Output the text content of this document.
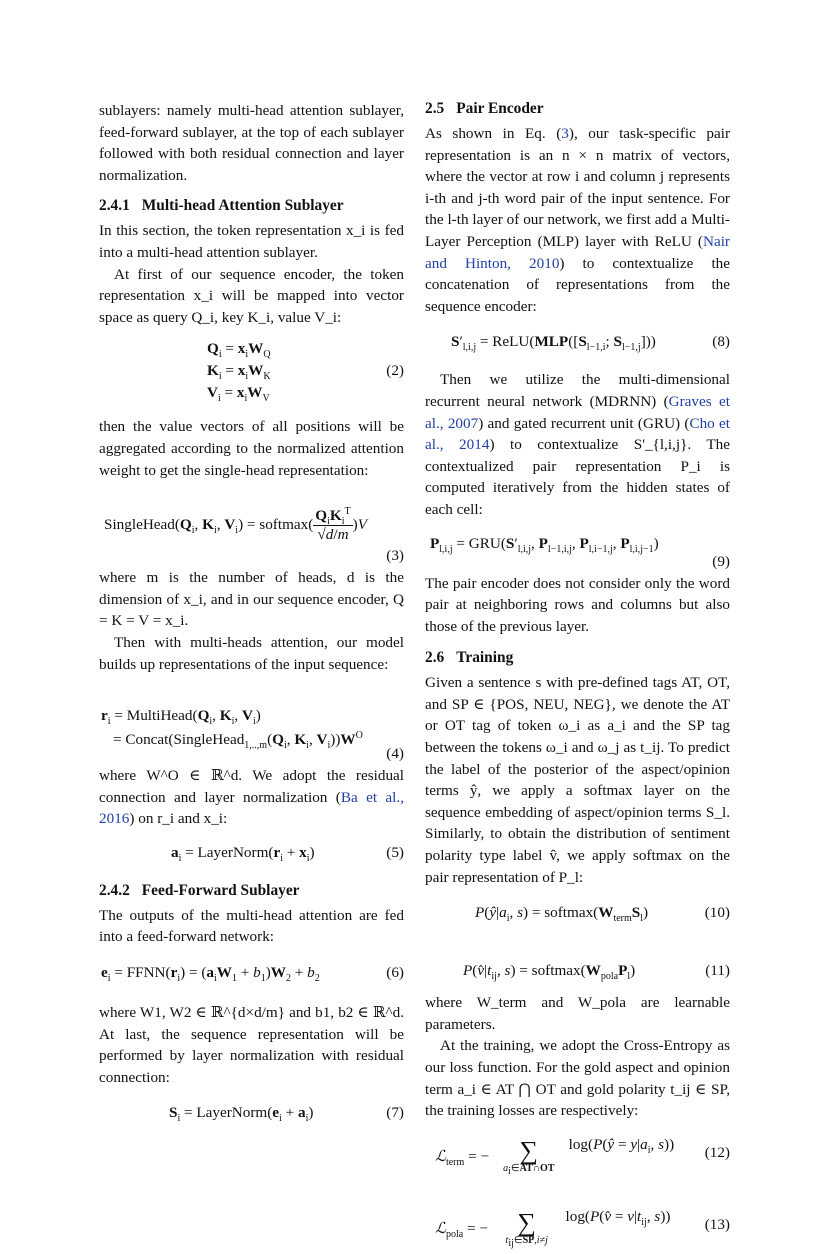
sublayers: namely multi-head attention sublayer, feed-forward sublayer, at the top of each sublayer followed with both residual connection and layer normalization.

2.4.1 Multi-head Attention Sublayer

In this section, the token representation x_i is fed into a multi-head attention sublayer.

At first of our sequence encoder, the token representation x_i will be mapped into vector space as query Q_i, key K_i, value V_i:

$Q_i = x_iW_Q$
$K_i = x_iW_K$
$V_i = x_iW_V$
(2)

then the value vectors of all positions will be aggregated according to the normalized attention weight to get the single-head representation:

$SingleHead(Q_i$, $K_i$, $V_i$) = softmax( $\frac{Q_iK_i^T}{√d/m} )V$
(3)

where m is the number of heads, d is the dimension of x_i, and in our sequence encoder, Q = K = V = x_i.

Then with multi-heads attention, our model builds up representations of the input sequence:

$r_i$ = $MultiHead(Q_i$, $K_i$, $V_i$)
= $Concat(SingleHead_{1,..,m}(Q_i$, $K_i$, $V_i))W^O$
(4)

where W^O ∈ ℝ^d. We adopt the residual connection and layer normalization (Ba et al., 2016) on r_i and x_i:

$a_i$ = $LayerNorm(r_i + x_i)$	(5)
2.4.2 Feed-Forward Sublayer

The outputs of the multi-head attention are fed into a feed-forward network:

$e_i$ = $FFNN(r_i) = (a_iW_1 + b_1)W_2 + b_2$	(6)

where W1, W2 ∈ ℝ^{d×d/m} and b1, b2 ∈ ℝ^d. At last, the sequence representation will be performed by layer normalization with residual connection:

$S_i$ = $LayerNorm(e_i + a_i)$	(7)
2.5 Pair Encoder

As shown in Eq. (3), our task-specific pair representation is an n × n matrix of vectors, where the vector at row i and column j represents i-th and j-th word pair of the input sentence. For the l-th layer of our network, we first add a Multi-Layer Perception (MLP) layer with ReLU (Nair and Hinton, 2010) to contextualize the concatenation of representations from the sequence encoder:

$S'_{l,i,j}$ = $ReLU(MLP([S_{l-1,i}$; $S_{l-1,j}$]))	(8)

Then we utilize the multi-dimensional recurrent neural network (MDRNN) (Graves et al., 2007) and gated recurrent unit (GRU) (Cho et al., 2014) to contextualize S'_{l,i,j}. The contextualized pair representation P_i is computed iteratively from the hidden states of each cell:

$P_{l,i,j} = GRU(S'_{l,i,j}$, $P_{l-1,i,j}$, $P_{l,i-1,j}$, $P_{l,i,j-1}$)
(9)

The pair encoder does not consider only the word pair at neighboring rows and columns but also those of the previous layer.

2.6 Training

Given a sentence s with pre-defined tags AT, OT, and SP ∈ {POS, NEU, NEG}, we denote the AT or OT tag of token ω_i as a_i and the SP tag between the tokens ω_i and ω_j as t_ij. To predict the label of the posterior of the aspect/opinion terms ŷ, we apply a softmax layer on the sequence embedding of aspect/opinion terms S_l. Similarly, to obtain the distribution of sentiment polarity type label v̂, we apply softmax on the pair representation of P_l:

$P(ŷ|a_i$, $s) = softmax(W_{term}S_l)$	(10)
$P(v̂|t_{ij}$, $s) = softmax(W_{pola}P_l)$	(11)

where W_term and W_pola are learnable parameters.

At the training, we adopt the Cross-Entropy as our loss function. For the gold aspect and opinion term a_i ∈ AT ⋂ OT and gold polarity t_ij ∈ SP, the training losses are respectively:

ℒ$_{term}$ = −	∑
$a_i\in AT\cap OT$
log(P(ŷ = $y|a_i$, s)) (12)
ℒ$_{pola}$ = − ∑
$t_{ij}\in SP,i\ne j$
log(P(v̂ = $v|t_{ij}$, s)) (13)
